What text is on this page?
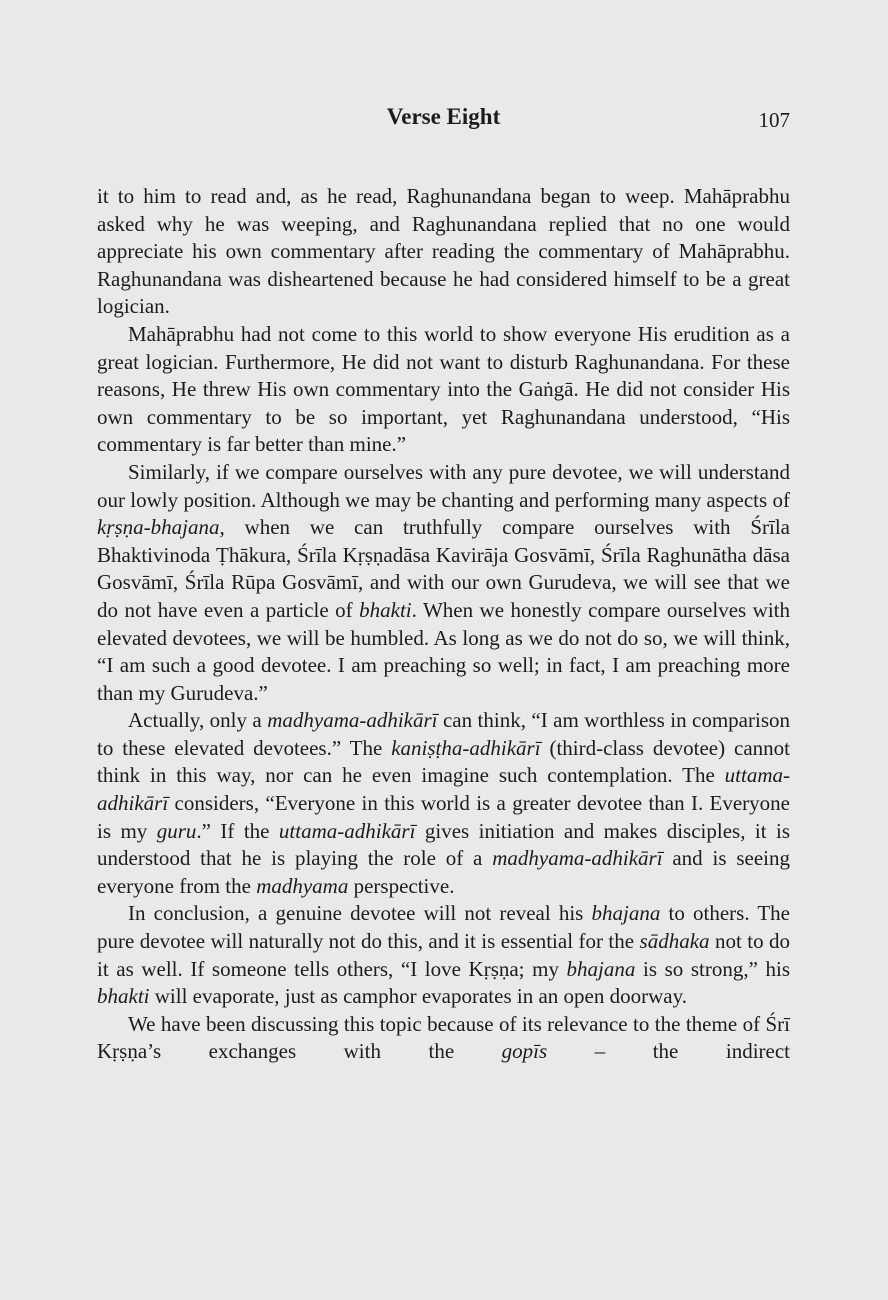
Verse Eight	107

it to him to read and, as he read, Raghunandana began to weep. Mahāprabhu asked why he was weeping, and Raghunandana replied that no one would appreciate his own commentary after reading the commentary of Mahāprabhu. Raghunandana was disheartened because he had considered himself to be a great logician.

Mahāprabhu had not come to this world to show everyone His erudition as a great logician. Furthermore, He did not want to disturb Raghunandana. For these reasons, He threw His own commentary into the Gaṅgā. He did not consider His own commentary to be so important, yet Raghunandana understood, “His commentary is far better than mine.”

Similarly, if we compare ourselves with any pure devotee, we will understand our lowly position. Although we may be chanting and performing many aspects of kṛṣṇa-bhajana, when we can truthfully compare ourselves with Śrīla Bhaktivinoda Ṭhākura, Śrīla Kṛṣṇadāsa Kavirāja Gosvāmī, Śrīla Raghunātha dāsa Gosvāmī, Śrīla Rūpa Gosvāmī, and with our own Gurudeva, we will see that we do not have even a particle of bhakti. When we honestly compare ourselves with elevated devotees, we will be humbled. As long as we do not do so, we will think, “I am such a good devotee. I am preaching so well; in fact, I am preaching more than my Gurudeva.”

Actually, only a madhyama-adhikārī can think, “I am worthless in comparison to these elevated devotees.” The kaniṣṭha-adhikārī (third-class devotee) cannot think in this way, nor can he even imagine such contemplation. The uttama-adhikārī considers, “Everyone in this world is a greater devotee than I. Everyone is my guru.” If the uttama-adhikārī gives initiation and makes disciples, it is understood that he is playing the role of a madhyama-adhikārī and is seeing everyone from the madhyama perspective.

In conclusion, a genuine devotee will not reveal his bhajana to others. The pure devotee will naturally not do this, and it is essential for the sādhaka not to do it as well. If someone tells others, “I love Kṛṣṇa; my bhajana is so strong,” his bhakti will evaporate, just as camphor evaporates in an open doorway.

We have been discussing this topic because of its relevance to the theme of Śrī Kṛṣṇa’s exchanges with the gopīs – the indirect
